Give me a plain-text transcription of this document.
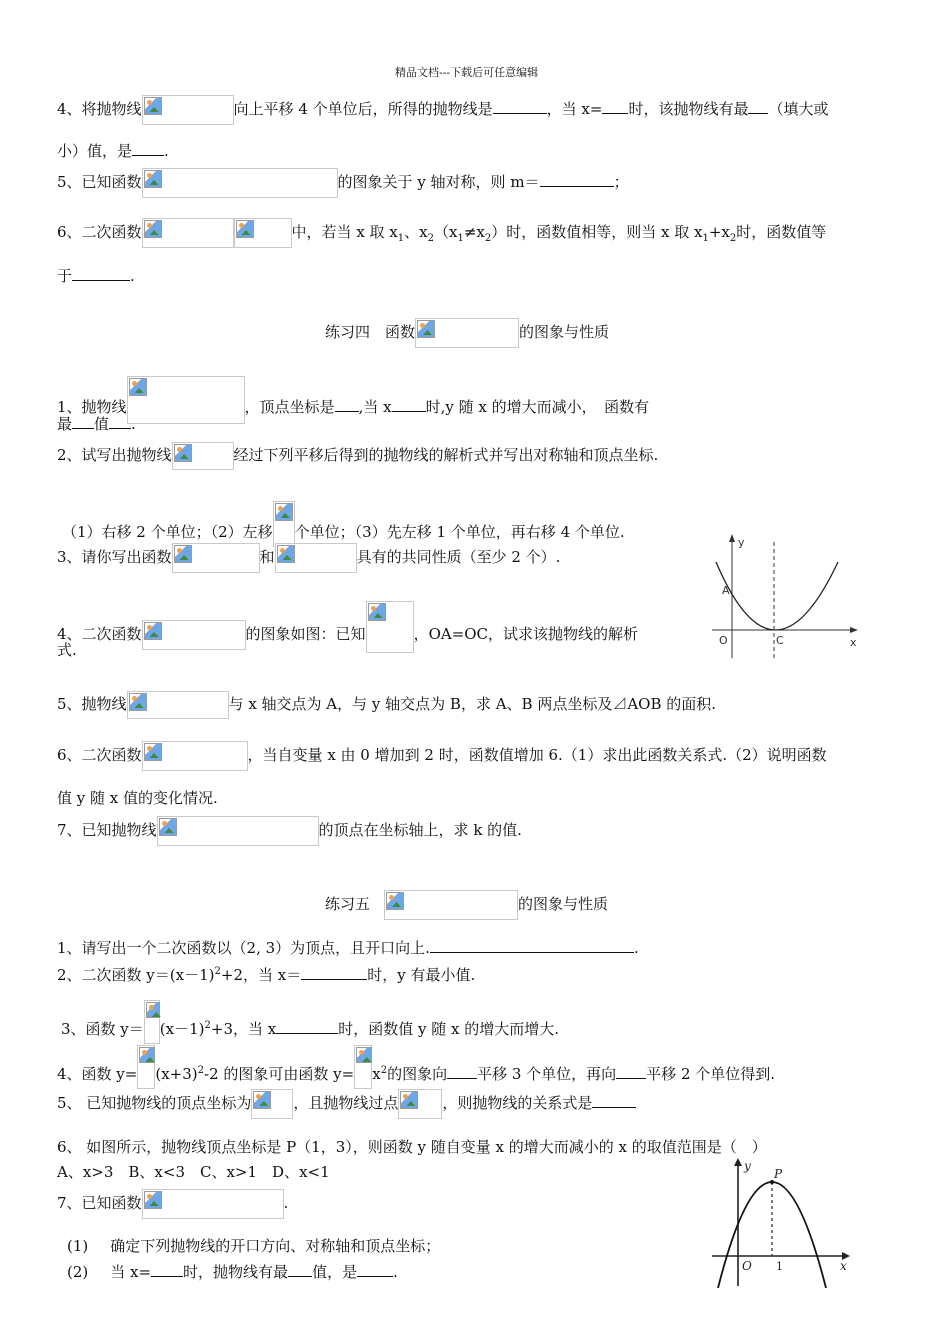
精品文档---下载后可任意编辑
4、将抛物线	向上平移 4 个单位后，所得的抛物线是	，当 x= 时，该抛物线有最 （填大或
小）值，是 .
5、已知函数	的图象关于 y 轴对称，则 m＝	；
6、二次函数	中，若当 x 取 $x_1$、$x_2(x_1\ne x_2)$时，函数值相等，则当 x 取 $x_1+x_2$时，函数值等
于	.
练习四　函数	的图象与性质
1、抛物线	，顶点坐标是 ,当 x 时,y 随 x 的增大而减小，　函数有
最 值 .
2、试写出抛物线	经过下列平移后得到的抛物线的解析式并写出对称轴和顶点坐标.
（1）右移 2 个单位；（2）左移 个单位；（3）先左移 1 个单位，再右移 4 个单位.
3、请你写出函数	和	具有的共同性质（至少 2 个）.
4、二次函数	的图象如图：已知	，OA=OC，试求该抛物线的解析
式.
y
x
O
A
C
5、抛物线	与 x 轴交点为 A，与 y 轴交点为 B，求 A、B 两点坐标及⊿AOB 的面积.
6、二次函数	，当自变量 x 由 0 增加到 2 时，函数值增加 6.（1）求出此函数关系式.（2）说明函数
值 y 随 x 值的变化情况.
7、已知抛物线	的顶点在坐标轴上，求 k 的值.
练习五	的图象与性质
1、请写出一个二次函数以（2, 3）为顶点，且开口向上.	.
2、二次函数 $y=(x-1)^2+2$，当 x＝	时，y 有最小值.
3、函数 $y= (x-1)^2+3$，当 x	时，函数值 y 随 x 的增大而增大.
4、函数 $y= (x+3)^2-2$ 的图象可由函数 $y= x^2$的图象向 平移 3 个单位，再向 平移 2 个单位得到.
5、 已知抛物线的顶点坐标为	，且抛物线过点	，则抛物线的关系式是
6、 如图所示，抛物线顶点坐标是 P（1，3），则函数 y 随自变量 x 的增大而减小的 x 的取值范围是（　）
A、x>3　B、x<3　C、x>1　D、x<1
7、已知函数	.
(1) 确定下列抛物线的开口方向、对称轴和顶点坐标；
(2) 当 x= 时，抛物线有最 值，是 .
y
x
O
P
1
